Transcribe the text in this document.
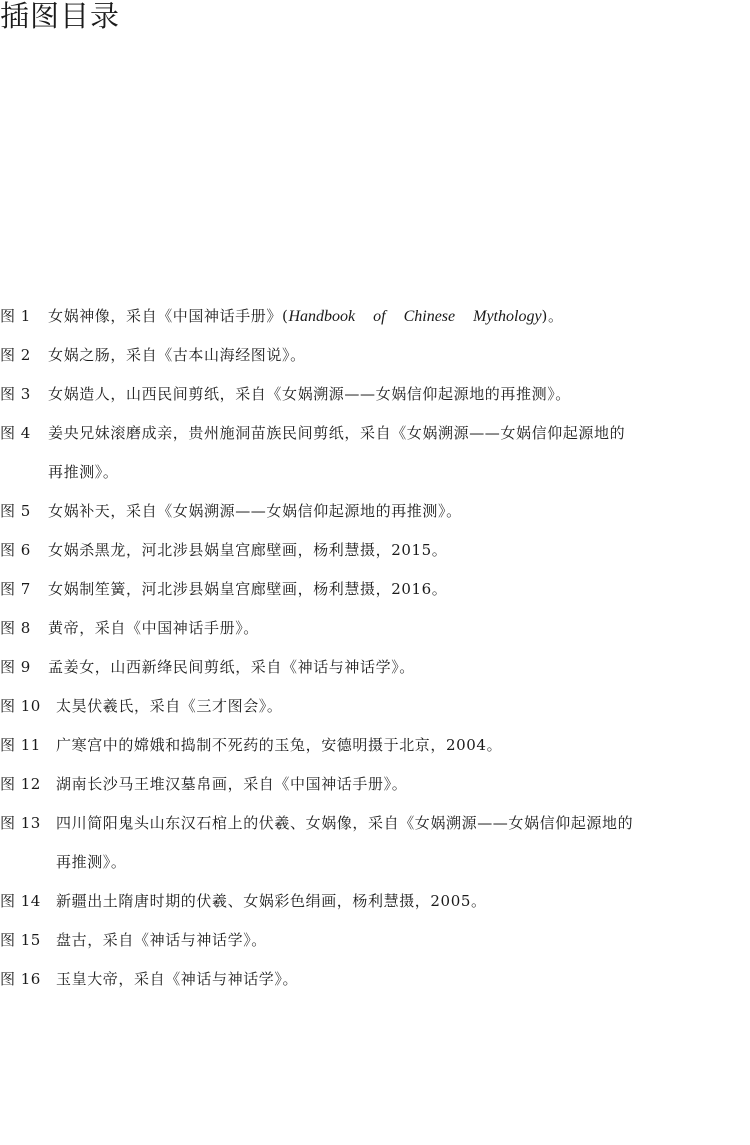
插图目录
图 1 女娲神像，采自《中国神话手册》(Handbook of Chinese Mythology)。
图 2 女娲之肠，采自《古本山海经图说》。
图 3 女娲造人，山西民间剪纸，采自《女娲溯源——女娲信仰起源地的再推测》。
图 4 姜央兄妹滚磨成亲，贵州施洞苗族民间剪纸，采自《女娲溯源——女娲信仰起源地的再推测》。
图 5 女娲补天，采自《女娲溯源——女娲信仰起源地的再推测》。
图 6 女娲杀黑龙，河北涉县娲皇宫廊壁画，杨利慧摄，2015。
图 7 女娲制笙簧，河北涉县娲皇宫廊壁画，杨利慧摄，2016。
图 8 黄帝，采自《中国神话手册》。
图 9 孟姜女，山西新绛民间剪纸，采自《神话与神话学》。
图 10 太昊伏羲氏，采自《三才图会》。
图 11 广寒宫中的嫦娥和捣制不死药的玉兔，安德明摄于北京，2004。
图 12 湖南长沙马王堆汉墓帛画，采自《中国神话手册》。
图 13 四川简阳鬼头山东汉石棺上的伏羲、女娲像，采自《女娲溯源——女娲信仰起源地的再推测》。
图 14 新疆出土隋唐时期的伏羲、女娲彩色绢画，杨利慧摄，2005。
图 15 盘古，采自《神话与神话学》。
图 16 玉皇大帝，采自《神话与神话学》。
